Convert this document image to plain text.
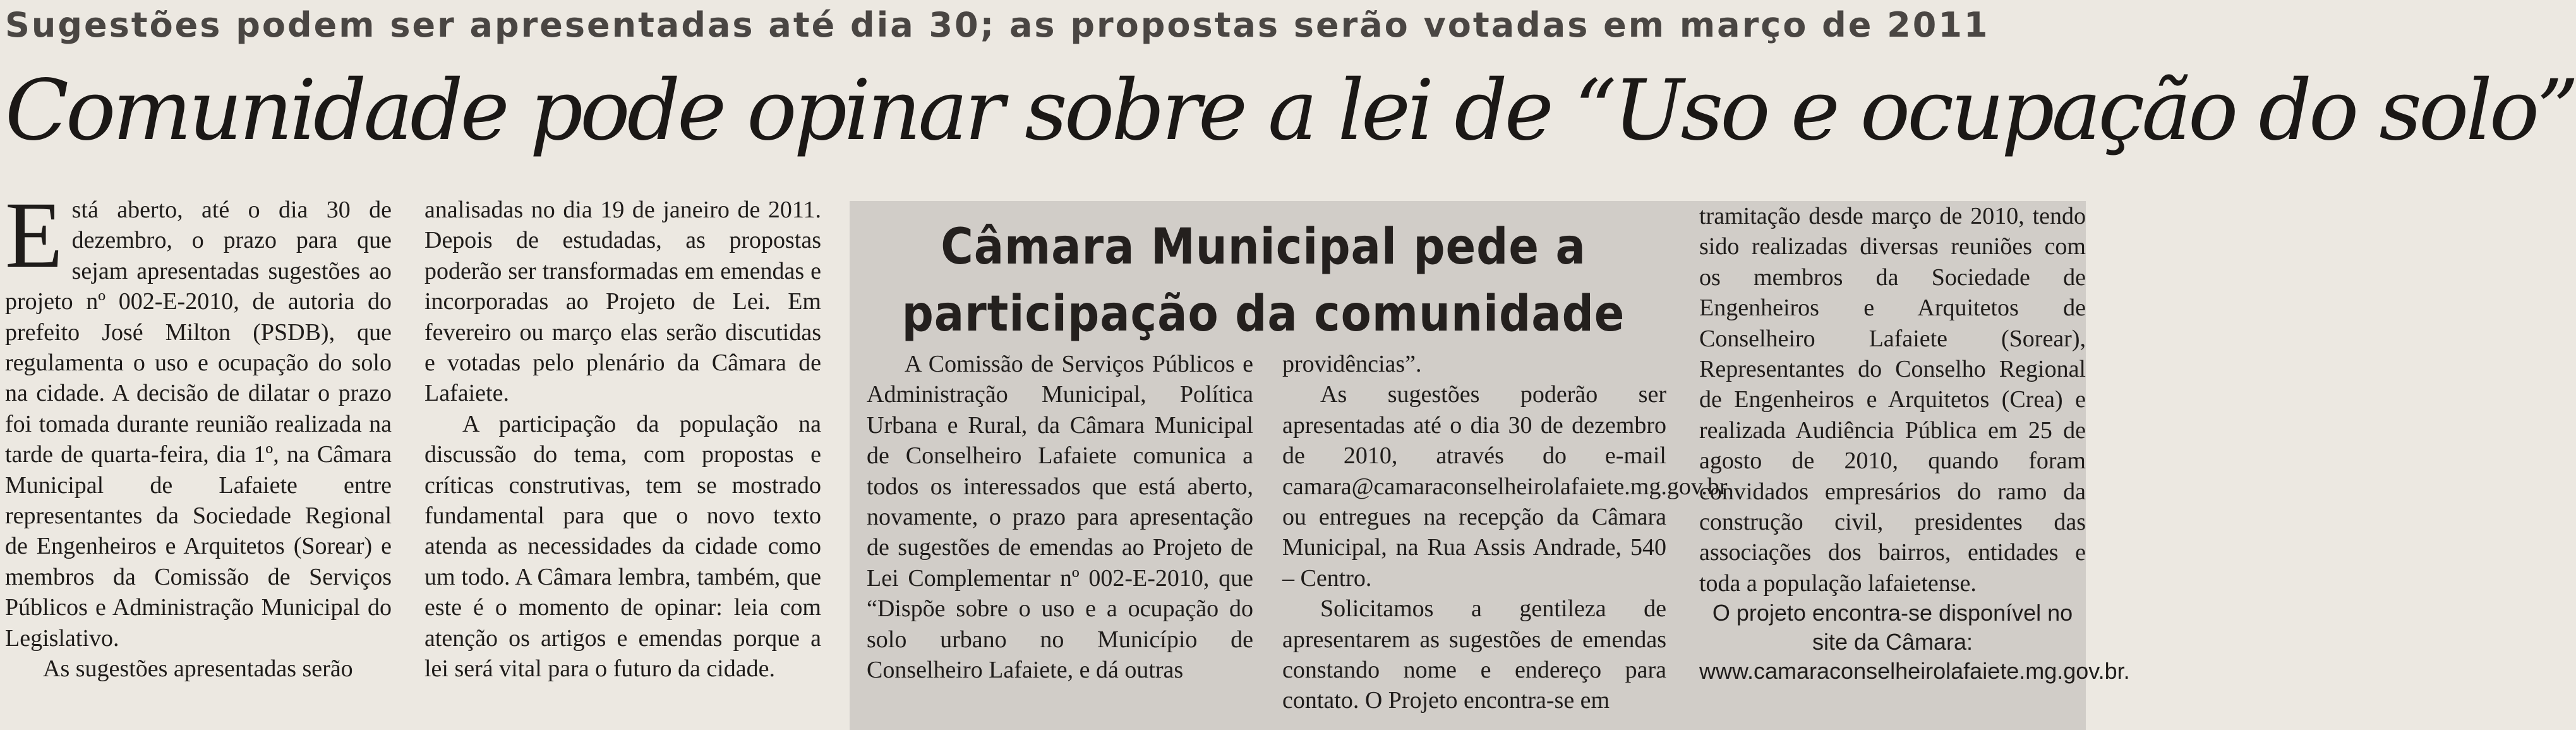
Sugestões podem ser apresentadas até dia 30; as propostas serão votadas em março de 2011
Comunidade pode opinar sobre a lei de “Uso e ocupação do solo”

Está aberto, até o dia 30 de dezembro, o prazo para que sejam apresentadas sugestões ao projeto nº 002-E-2010, de autoria do prefeito José Milton (PSDB), que regulamenta o uso e ocupação do solo na cidade. A decisão de dilatar o prazo foi tomada durante reunião realizada na tarde de quarta-feira, dia 1º, na Câmara Municipal de Lafaiete entre representantes da Sociedade Regional de Engenheiros e Arquitetos (Sorear) e membros da Comissão de Serviços Públicos e Administração Municipal do Legislativo.

As sugestões apresentadas serão

analisadas no dia 19 de janeiro de 2011. Depois de estudadas, as propostas poderão ser transformadas em emendas e incorporadas ao Projeto de Lei. Em fevereiro ou março elas serão discutidas e votadas pelo plenário da Câmara de Lafaiete.

A participação da população na discussão do tema, com propostas e críticas construtivas, tem se mostrado fundamental para que o novo texto atenda as necessidades da cidade como um todo. A Câmara lembra, também, que este é o momento de opinar: leia com atenção os artigos e emendas porque a lei será vital para o futuro da cidade.

Câmara Municipal pede a
participação da comunidade

A Comissão de Serviços Públicos e Administração Municipal, Política Urbana e Rural, da Câmara Municipal de Conselheiro Lafaiete comunica a todos os interessados que está aberto, novamente, o prazo para apresentação de sugestões de emendas ao Projeto de Lei Complementar nº 002-E-2010, que “Dispõe sobre o uso e a ocupação do solo urbano no Município de Conselheiro Lafaiete, e dá outras

providências”.

As sugestões poderão ser apresentadas até o dia 30 de dezembro de 2010, através do e-mail camara@camaraconselheirolafaiete.mg.gov.br ou entregues na recepção da Câmara Municipal, na Rua Assis Andrade, 540 – Centro.

Solicitamos a gentileza de apresentarem as sugestões de emendas constando nome e endereço para contato. O Projeto encontra-se em

tramitação desde março de 2010, tendo sido realizadas diversas reuniões com os membros da Sociedade de Engenheiros e Arquitetos de Conselheiro Lafaiete (Sorear), Representantes do Conselho Regional de Engenheiros e Arquitetos (Crea) e realizada Audiência Pública em 25 de agosto de 2010, quando foram convidados empresários do ramo da construção civil, presidentes das associações dos bairros, entidades e toda a população lafaietense.

O projeto encontra-se disponível no site da Câmara: www.camaraconselheirolafaiete.mg.gov.br.
